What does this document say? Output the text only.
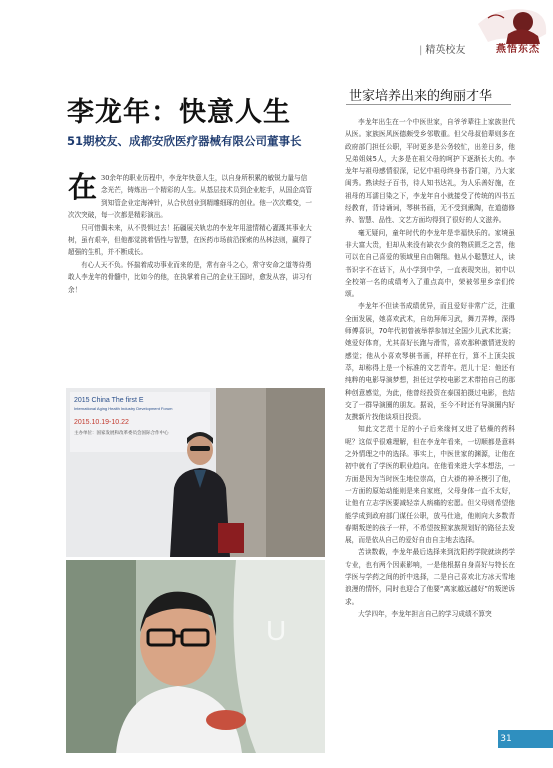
燕悟东杰
| 精英校友
李龙年：快意人生
51期校友、成都安欣医疗器械有限公司董事长

在 30余年的职业历程中，李龙年快意人生，以自身所积累的敏锐力量与信念光芒，铸炼出一个精彩的人生。从基层技术员到企业舵手，从国企高管到知管企业定海神针，从合伙创业到精雕细琢的创业。他一次次蝶变，一次次突破，每一次都是精彩演出。

只可惜偶未来，从不畏惧过去！拓疆展关轨忠的李龙年用滋情精心灌溉其事业大树，虽有艰辛，但他都觉挑着悟性与智慧，在医药市场前沿探索的丛林法则，赢得了超强的生机，并不断成长。

有心人天不负。怀揣着成功事业而来的是，常有奋斗之心，常守安命之道等待勇敢人李龙年的骨髓中，比如今的他，在执掌着自己的企业王国时，愈发从容，讲习有余！

2015 China The first E
International Aging Health Industry Development Forum
2015.10.19-10.22
主办单位：国家发展和改革委员会国际合作中心
U
世家培养出来的绚丽才华

李龙年出生在一个中医世家，自爷爷辈往上家族世代从医。家族医风医德颇受乡邻敬重。但父母叔伯辈则多在政府部门担任公职，平时更多是公务较忙，出差日多，他兄弟姐妹5人，大多是在祖父母的呵护下逐渐长大的。李龙年与祖母感情很深，记忆中祖母终身书香门第，乃大家闺秀。熟读经子百书，待人知书达礼，为人乐善好施，在祖母的耳濡目染之下，李龙年自小就接受了传统的四书五经教育，背诗诵词，琴棋书画，无不受到熏陶，在道德修养、智慧、品性、文艺方面均得到了很好的人文滋养。

毫无疑问，童年时代的李龙年是幸福快乐的。家境虽非大富大贵，但却从来没有缺衣少食的物质匮乏之苦，他可以在自己喜爱的领域里自由翱翔。他从小聪慧过人，读书识字不在话下，从小学到中学，一直表现突出，初中以全校第一名的成绩考入了重点高中，荣被邻里乡亲们传颂。

李龙年不但读书成绩优异，而且爱好非常广泛，注重全面发展，她喜欢武术，自幼拜师习武，舞刀弄棒，深得师傅喜识，70年代初曾被举荐参加过全国少儿武术比赛；她爱好体育，尤其喜好长跑与滑雪，喜欢那种激情迸发的感觉；他从小喜欢琴棋书画，样样在行，算不上顶尖拔萃，却称得上是一个标准的文艺青年。范儿十足：他还有纯粹的电影导演梦想，担任过学校电影艺术带拍自己的那种创意感觉，为此，他曾经投资在泰国拍摄过电影，也结交了一群导演圈的朋友。据说，至今不时还有导演圈内好友携新片找他谈项目投资。

知此文艺范十足的小子后来缘何又进了枯燥的药科呢？这似乎很难理解，但在李龙年看来，一切顺都是意料之外情理之中的选择。事实上，中医世家的渊源，让他在初中就有了学医的职业趋向。在他看来进大学本想法，一方面是因为当时医生地位崇高，白大褂的神圣模引了他，一方面的原始动能则是来自家庭，父母身体一直不太好，让他有立志学医要减轻亲人病痛的宏愿。但父母则希望他能学成到政府部门谋任公职，放马仕途，他则向大多数青春期叛逆的孩子一样，不希望按照家族规划好的路径去发展，而是依从自己的爱好自由自主地去选择。

苦读数载，李龙年最后选择来到沈阳药学院就读药学专业，也有两个因素影响，一是他根据自身喜好与特长在学医与学药之间的折中选择，二是自己喜欢北方冰天雪地浪漫的情怀，同时也迎合了他要“离家越远越好”的叛逆诉求。

大学四年，李龙年担言自己的学习成绩不算突

31
